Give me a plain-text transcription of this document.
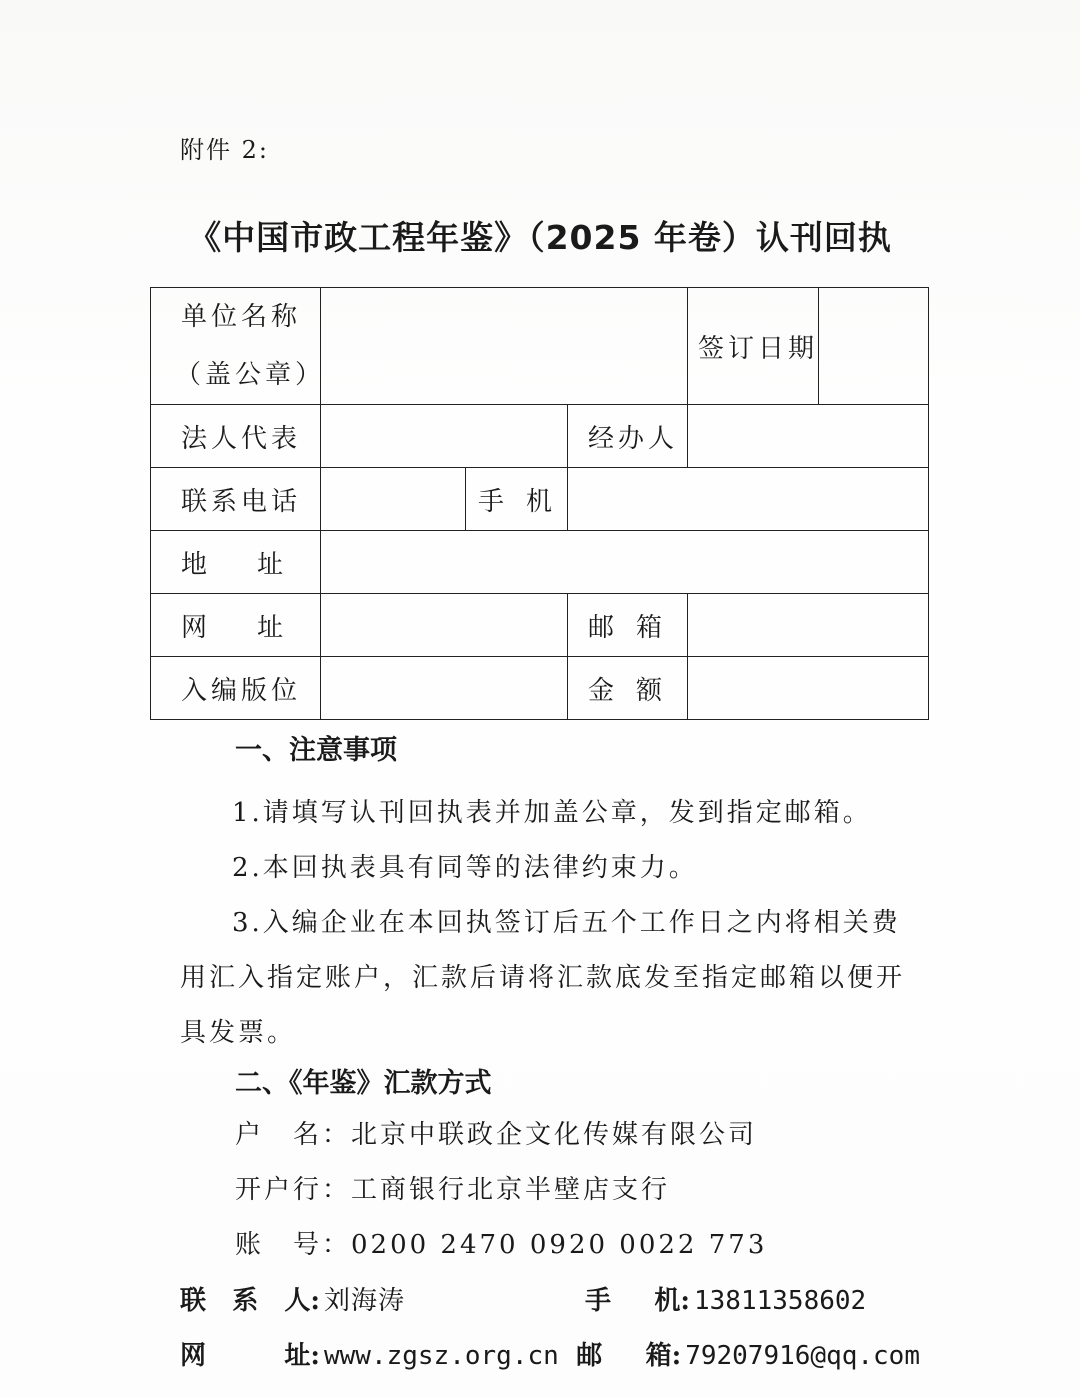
附件 2:
《中国市政工程年鉴》（2025 年卷）认刊回执
单位名称
（盖公章）				签订日期	
法人代表			经办人		
联系电话		手 机			

地 址					

网 址			邮 箱		

入编版位			金 额		

一、注意事项
1.请填写认刊回执表并加盖公章，发到指定邮箱。
2.本回执表具有同等的法律约束力。
3.入编企业在本回执签订后五个工作日之内将相关费用汇入指定账户，汇款后请将汇款底发至指定邮箱以便开具发票。
二、《年鉴》汇款方式
户　名：北京中联政企文化传媒有限公司
开户行：工商银行北京半壁店支行
账　号：0200 2470 0920 0022 773
联 系 人: 刘海涛	手 机: 13811358602
网	址: www.zgsz.org.cn 邮 箱: 79207916@qq.com
